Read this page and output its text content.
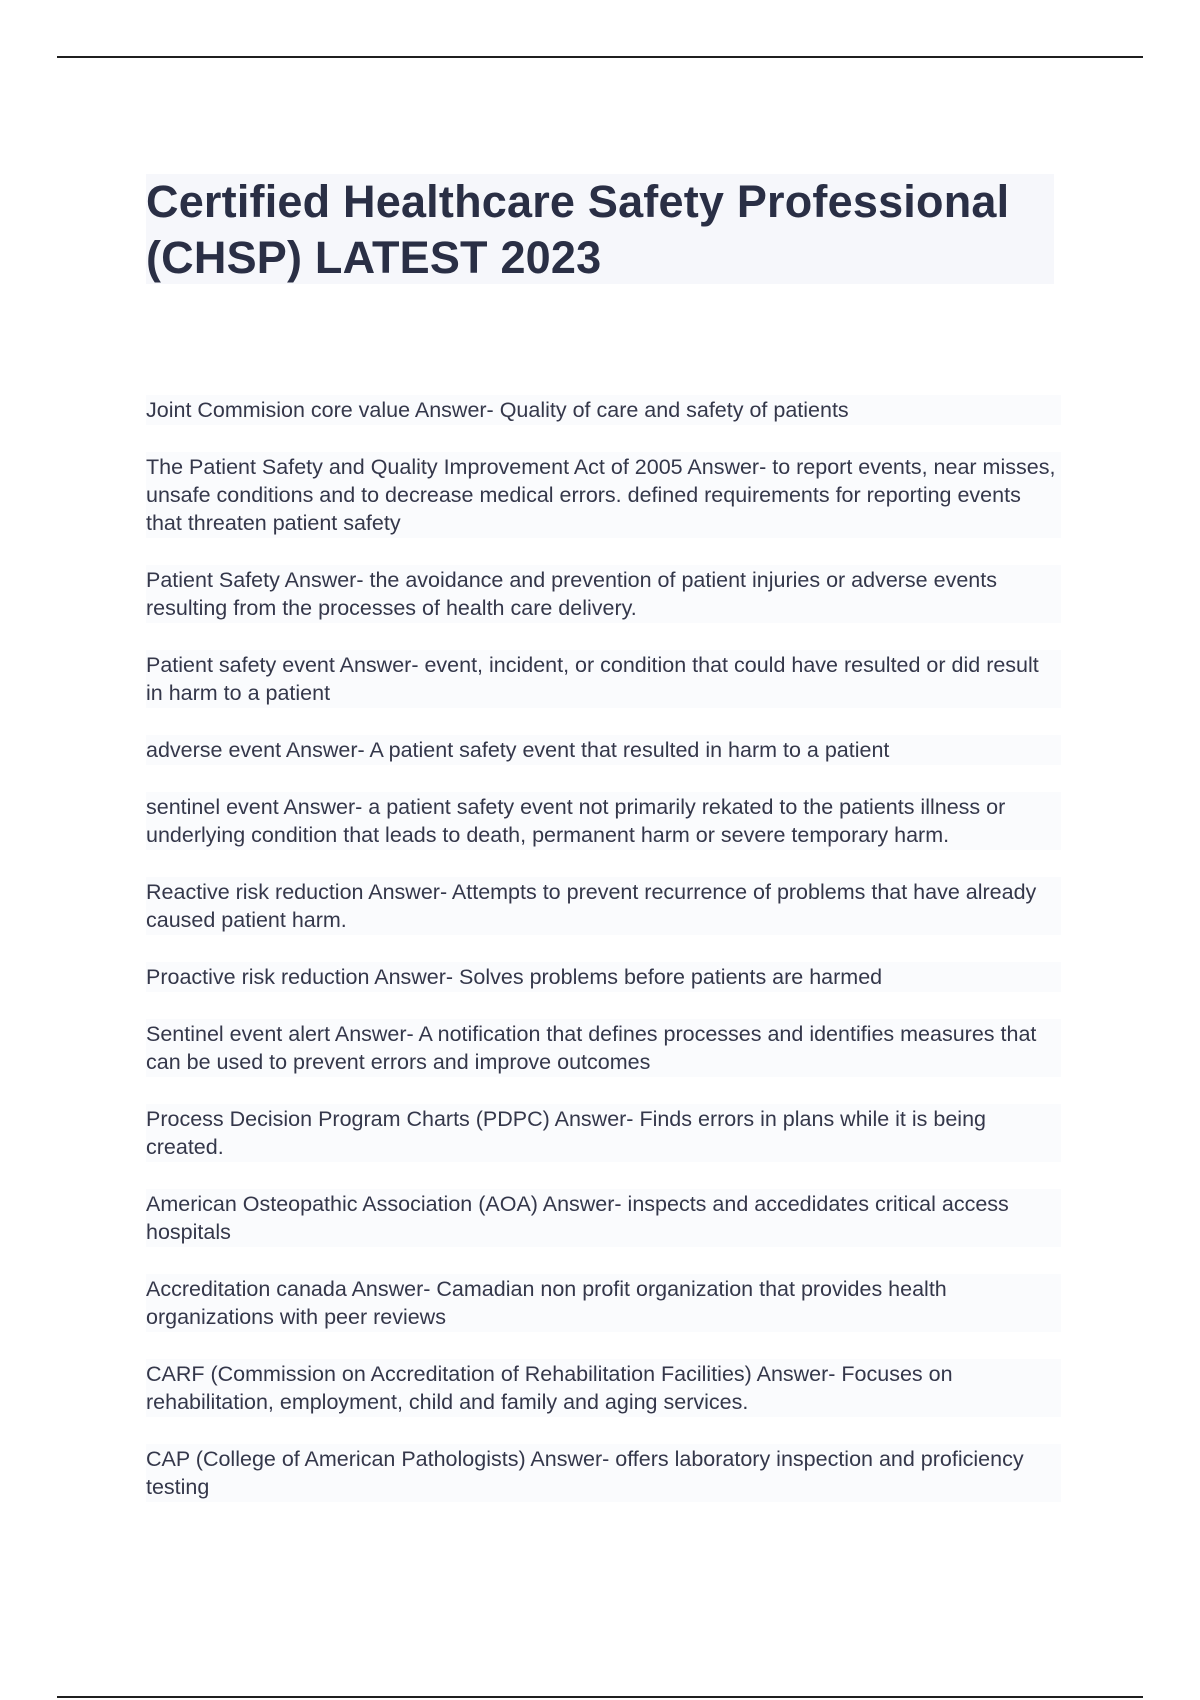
Certified Healthcare Safety Professional (CHSP) LATEST 2023

Joint Commision core value Answer- Quality of care and safety of patients

The Patient Safety and Quality Improvement Act of 2005 Answer- to report events, near misses, unsafe conditions and to decrease medical errors. defined requirements for reporting events that threaten patient safety

Patient Safety Answer- the avoidance and prevention of patient injuries or adverse events resulting from the processes of health care delivery.

Patient safety event Answer- event, incident, or condition that could have resulted or did result in harm to a patient

adverse event Answer- A patient safety event that resulted in harm to a patient

sentinel event Answer- a patient safety event not primarily rekated to the patients illness or underlying condition that leads to death, permanent harm or severe temporary harm.

Reactive risk reduction Answer- Attempts to prevent recurrence of problems that have already caused patient harm.

Proactive risk reduction Answer- Solves problems before patients are harmed

Sentinel event alert Answer- A notification that defines processes and identifies measures that can be used to prevent errors and improve outcomes

Process Decision Program Charts (PDPC) Answer- Finds errors in plans while it is being created.

American Osteopathic Association (AOA) Answer- inspects and accedidates critical access hospitals

Accreditation canada Answer- Camadian non profit organization that provides health organizations with peer reviews

CARF (Commission on Accreditation of Rehabilitation Facilities) Answer- Focuses on rehabilitation, employment, child and family and aging services.

CAP (College of American Pathologists) Answer- offers laboratory inspection and proficiency testing
